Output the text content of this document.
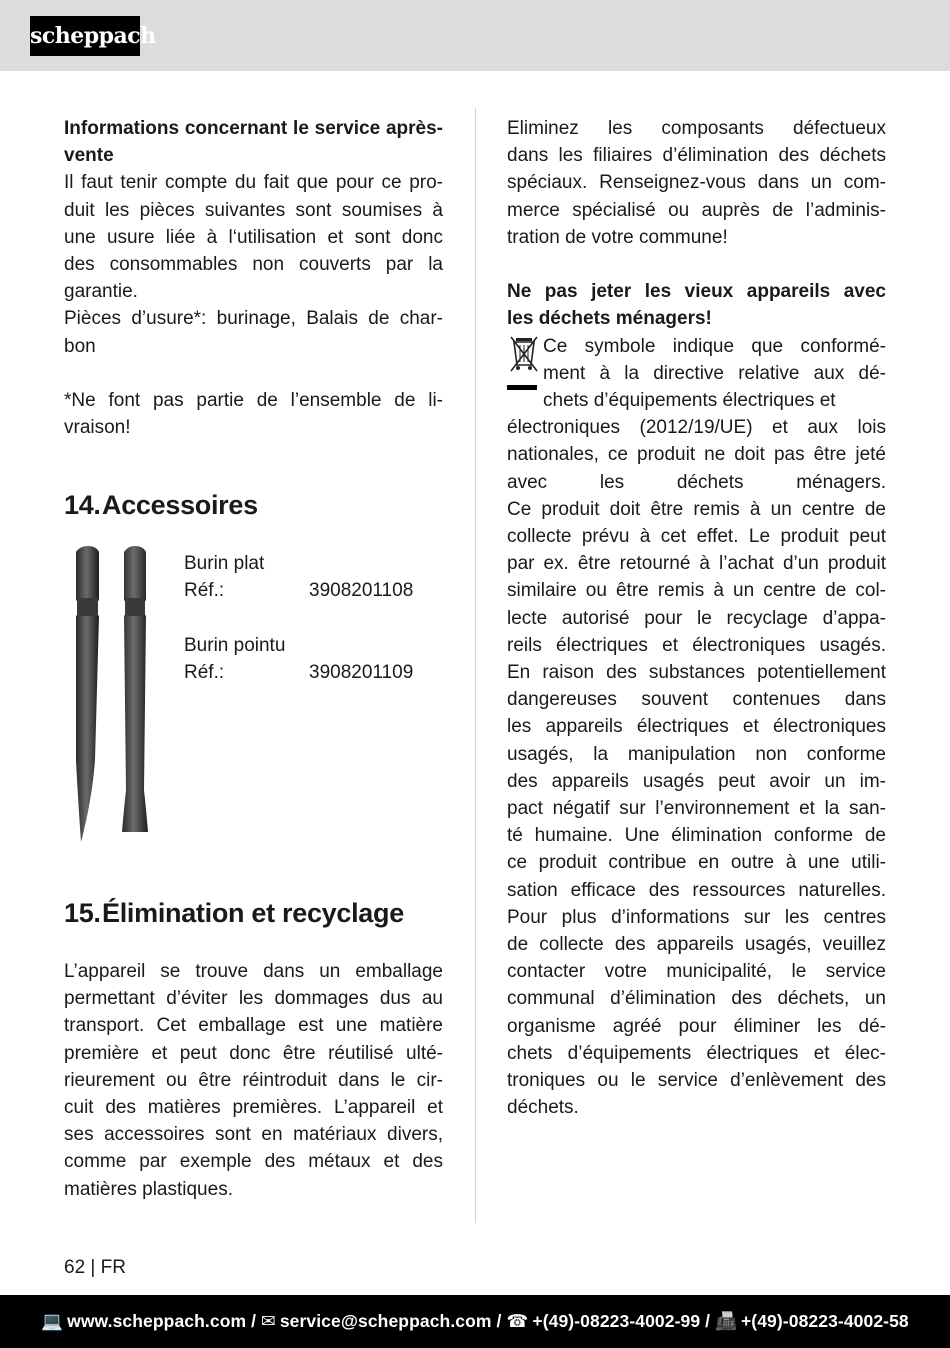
scheppach

Informations concernant le service après-vente

Il faut tenir compte du fait que pour ce pro-
duit les pièces suivantes sont soumises à
une usure liée à l‘utilisation et sont donc
des consommables non couverts par la
garantie.
Pièces d’usure*: burinage, Balais de char-
bon
*Ne font pas partie de l’ensemble de li-
vraison!
14.Accessoires
Burin plat
Réf.:	3908201108
Burin pointu
Réf.:	3908201109
15.Élimination et recyclage
L’appareil se trouve dans un emballage
permettant d’éviter les dommages dus au
transport. Cet emballage est une matière
première et peut donc être réutilisé ulté-
rieurement ou être réintroduit dans le cir-
cuit des matières premières. L’appareil et
ses accessoires sont en matériaux divers,
comme par exemple des métaux et des
matières plastiques.
Eliminez les composants défectueux
dans les filiaires d’élimination des déchets
spéciaux. Renseignez-vous dans un com-
merce spécialisé ou auprès de l’adminis-
tration de votre commune!
Ne pas jeter les vieux appareils avec
les déchets ménagers!
Ce symbole indique que conformé-
ment à la directive relative aux dé-
chets d’équipements électriques et
électroniques (2012/19/UE) et aux lois
nationales, ce produit ne doit pas être jeté
avec les déchets ménagers.
Ce produit doit être remis à un centre de
collecte prévu à cet effet. Le produit peut
par ex. être retourné à l’achat d’un produit
similaire ou être remis à un centre de col-
lecte autorisé pour le recyclage d’appa-
reils électriques et électroniques usagés.
En raison des substances potentiellement
dangereuses souvent contenues dans
les appareils électriques et électroniques
usagés, la manipulation non conforme
des appareils usagés peut avoir un im-
pact négatif sur l’environnement et la san-
té humaine. Une élimination conforme de
ce produit contribue en outre à une utili-
sation efficace des ressources naturelles.
Pour plus d’informations sur les centres
de collecte des appareils usagés, veuillez
contacter votre municipalité, le service
communal d’élimination des déchets, un
organisme agréé pour éliminer les dé-
chets d’équipements électriques et élec-
troniques ou le service d’enlèvement des
déchets.
62 | FR
💻 www.scheppach.com /
✉ service@scheppach.com /
☎ +(49)-08223-4002-99 /
📠 +(49)-08223-4002-58
